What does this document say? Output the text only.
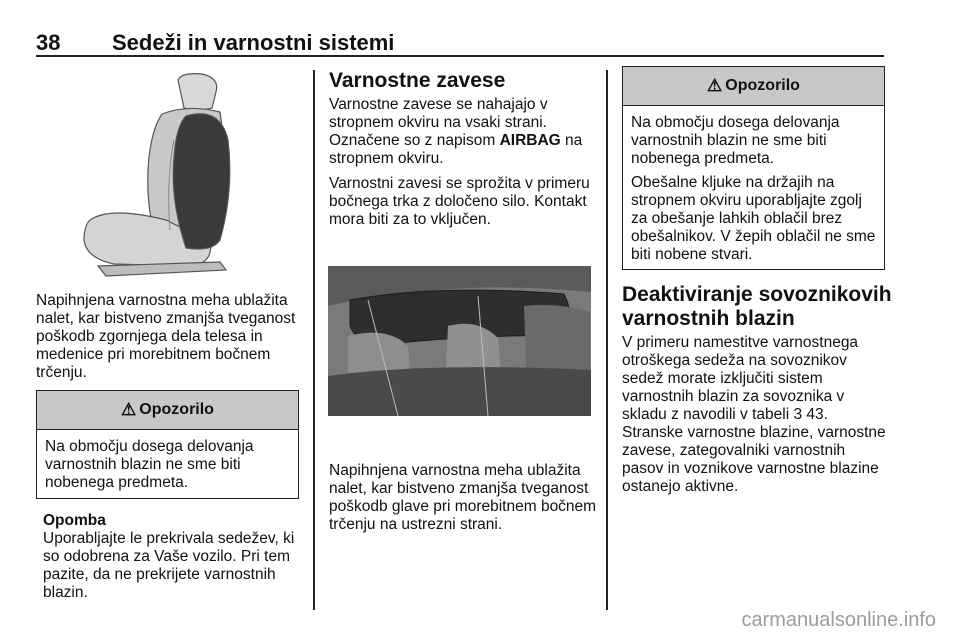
38 Sedeži in varnostni sistemi
Napihnjena varnostna meha ublažita nalet, kar bistveno zmanjša tveganost poškodb zgornjega dela telesa in medenice pri morebitnem bočnem trčenju.
⚠ Opozorilo

Na območju dosega delovanja varnostnih blazin ne sme biti nobenega predmeta.

Opomba
Uporabljajte le prekrivala sedežev, ki so odobrena za Vaše vozilo. Pri tem pazite, da ne prekrijete varnostnih blazin.
Varnostne zavese
Varnostne zavese se nahajajo v stropnem okviru na vsaki strani. Označene so z napisom AIRBAG na stropnem okviru.
Varnostni zavesi se sprožita v primeru bočnega trka z določeno silo. Kontakt mora biti za to vključen.
Napihnjena varnostna meha ublažita nalet, kar bistveno zmanjša tveganost poškodb glave pri morebitnem bočnem trčenju na ustrezni strani.
⚠ Opozorilo

Na območju dosega delovanja varnostnih blazin ne sme biti nobenega predmeta.

Obešalne kljuke na držajih na stropnem okviru uporabljajte zgolj za obešanje lahkih oblačil brez obešalnikov. V žepih oblačil ne sme biti nobene stvari.

Deaktiviranje sovoznikovih varnostnih blazin
V primeru namestitve varnostnega otroškega sedeža na sovoznikov sedež morate izključiti sistem varnostnih blazin za sovoznika v skladu z navodili v tabeli 3 43.
Stranske varnostne blazine, varnostne zavese, zategovalniki varnostnih pasov in voznikove varnostne blazine ostanejo aktivne.
carmanualsonline.info
